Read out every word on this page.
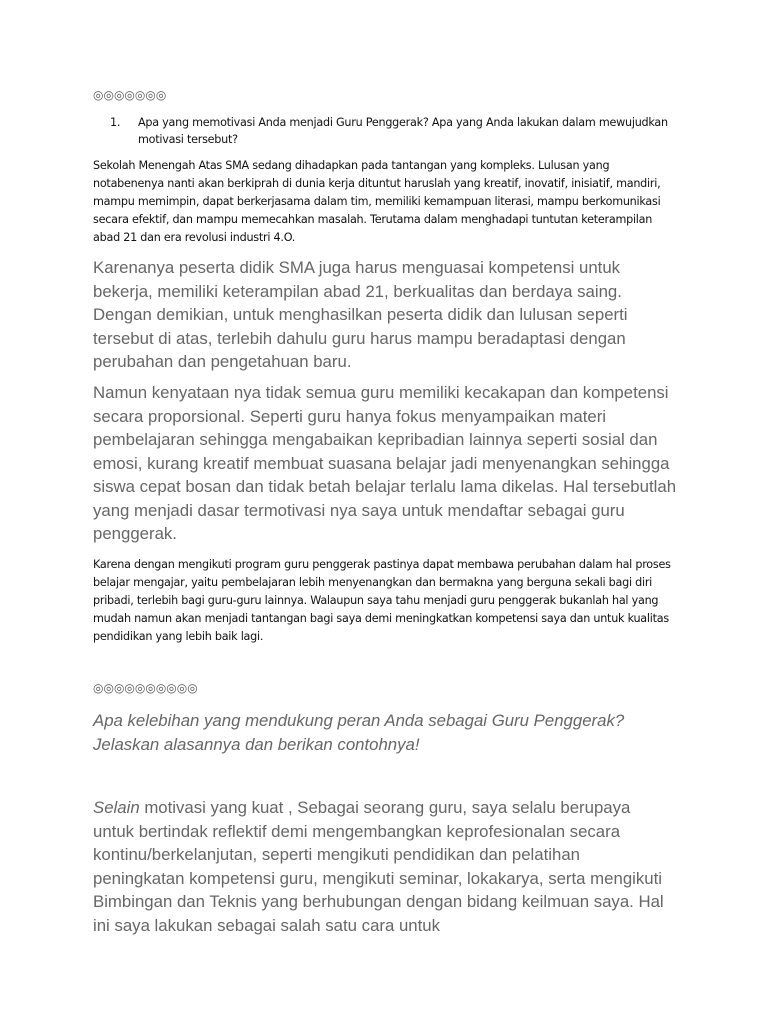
◎◎◎◎◎◎◎
1. Apa yang memotivasi Anda menjadi Guru Penggerak? Apa yang Anda lakukan dalam mewujudkan motivasi tersebut?

Sekolah Menengah Atas SMA sedang dihadapkan pada tantangan yang kompleks. Lulusan yang notabenenya nanti akan berkiprah di dunia kerja dituntut haruslah yang kreatif, inovatif, inisiatif, mandiri, mampu memimpin, dapat berkerjasama dalam tim, memiliki kemampuan literasi, mampu berkomunikasi secara efektif, dan mampu memecahkan masalah. Terutama dalam menghadapi tuntutan keterampilan abad 21 dan era revolusi industri 4.O.

Karenanya peserta didik SMA juga harus menguasai kompetensi untuk bekerja, memiliki keterampilan abad 21, berkualitas dan berdaya saing. Dengan demikian, untuk menghasilkan peserta didik dan lulusan seperti tersebut di atas, terlebih dahulu guru harus mampu beradaptasi dengan perubahan dan pengetahuan baru.

Namun kenyataan nya tidak semua guru memiliki kecakapan dan kompetensi secara proporsional. Seperti guru hanya fokus menyampaikan materi pembelajaran sehingga mengabaikan kepribadian lainnya seperti sosial dan emosi, kurang kreatif membuat suasana belajar jadi menyenangkan sehingga siswa cepat bosan dan tidak betah belajar terlalu lama dikelas. Hal tersebutlah yang menjadi dasar termotivasi nya saya untuk mendaftar sebagai guru penggerak.

Karena dengan mengikuti program guru penggerak pastinya dapat membawa perubahan dalam hal proses belajar mengajar, yaitu pembelajaran lebih menyenangkan dan bermakna yang berguna sekali bagi diri pribadi, terlebih bagi guru-guru lainnya. Walaupun saya tahu menjadi guru penggerak bukanlah hal yang mudah namun akan menjadi tantangan bagi saya demi meningkatkan kompetensi saya dan untuk kualitas pendidikan yang lebih baik lagi.

◎◎◎◎◎◎◎◎◎◎

Apa kelebihan yang mendukung peran Anda sebagai Guru Penggerak? Jelaskan alasannya dan berikan contohnya!

Selain motivasi yang kuat , Sebagai seorang guru, saya selalu berupaya untuk bertindak reflektif demi mengembangkan keprofesionalan secara kontinu/berkelanjutan, seperti mengikuti pendidikan dan pelatihan peningkatan kompetensi guru, mengikuti seminar, lokakarya, serta mengikuti Bimbingan dan Teknis yang berhubungan dengan bidang keilmuan saya. Hal ini saya lakukan sebagai salah satu cara untuk
